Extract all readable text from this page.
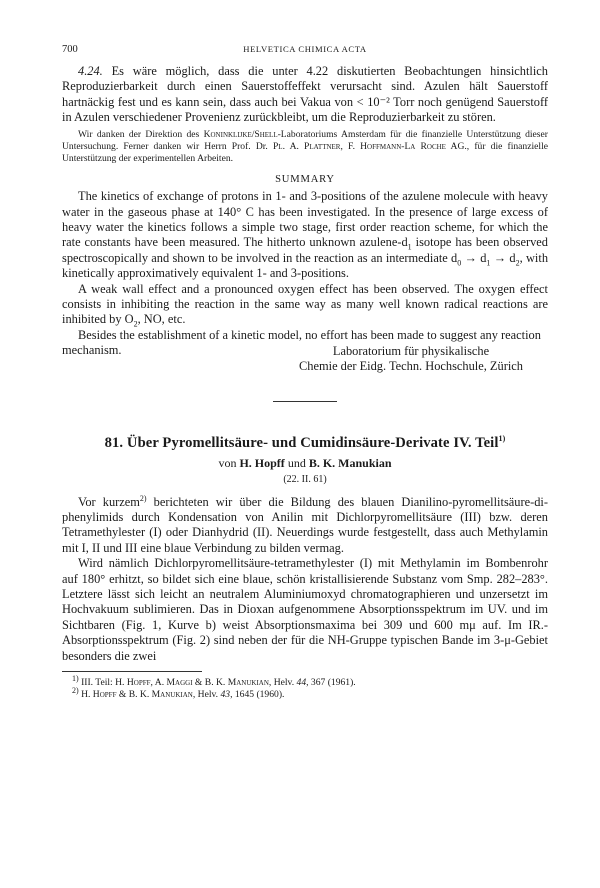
700	HELVETICA CHIMICA ACTA

4.24. Es wäre möglich, dass die unter 4.22 diskutierten Beobachtungen hinsichtlich Reproduzierbarkeit durch einen Sauerstoffeffekt verursacht sind. Azulen hält Sauerstoff hartnäckig fest und es kann sein, dass auch bei Vakua von < 10⁻² Torr noch genügend Sauerstoff in Azulen verschiedener Provenienz zurückbleibt, um die Reproduzierbarkeit zu stören.

Wir danken der Direktion des Koninklijke/Shell-Laboratoriums Amsterdam für die finanzielle Unterstützung dieser Untersuchung. Ferner danken wir Herrn Prof. Dr. Pl. A. Plattner, F. Hoffmann-La Roche AG., für die finanzielle Unterstützung der experimentellen Arbeiten.

SUMMARY

The kinetics of exchange of protons in 1- and 3-positions of the azulene molecule with heavy water in the gaseous phase at 140° C has been investigated. In the presence of large excess of heavy water the kinetics follows a simple two stage, first order reaction scheme, for which the rate constants have been measured. The hitherto unknown azulene-$d_1$ isotope has been observed spectroscopically and shown to be involved in the reaction as an intermediate $d_0 \to d_1 \to d_2$, with kinetically approximatively equivalent 1- and 3-positions.

A weak wall effect and a pronounced oxygen effect has been observed. The oxygen effect consists in inhibiting the reaction in the same way as many well known radical reactions are inhibited by $O_2$, NO, etc.

Besides the establishment of a kinetic model, no effort has been made to suggest any reaction mechanism.	Laboratorium für physikalische
Chemie der Eidg. Techn. Hochschule, Zürich
81. Über Pyromellitsäure- und Cumidinsäure-Derivate IV. Teil$^{1)}$
von H. Hopff und B. K. Manukian
(22. II. 61)

Vor kurzem$^{2)}$ berichteten wir über die Bildung des blauen Dianilino-pyromellitsäure-di-phenylimids durch Kondensation von Anilin mit Dichlorpyromellitsäure (III) bzw. deren Tetramethylester (I) oder Dianhydrid (II). Neuerdings wurde festgestellt, dass auch Methylamin mit I, II und III eine blaue Verbindung zu bilden vermag.

Wird nämlich Dichlorpyromellitsäure-tetramethylester (I) mit Methylamin im Bombenrohr auf 180° erhitzt, so bildet sich eine blaue, schön kristallisierende Substanz vom Smp. 282–283°. Letztere lässt sich leicht an neutralem Aluminiumoxyd chromatographieren und unzersetzt im Hochvakuum sublimieren. Das in Dioxan aufgenommene Absorptionsspektrum im UV. und im Sichtbaren (Fig. 1, Kurve b) weist Absorptionsmaxima bei 309 und 600 mμ auf. Im IR.-Absorptionsspektrum (Fig. 2) sind neben der für die NH-Gruppe typischen Bande im 3-μ-Gebiet besonders die zwei

$^{1)}$ III. Teil: H. Hopff, A. Maggi & B. K. Manukian, Helv. 44, 367 (1961).
$^{2)}$ H. Hopff & B. K. Manukian, Helv. 43, 1645 (1960).
